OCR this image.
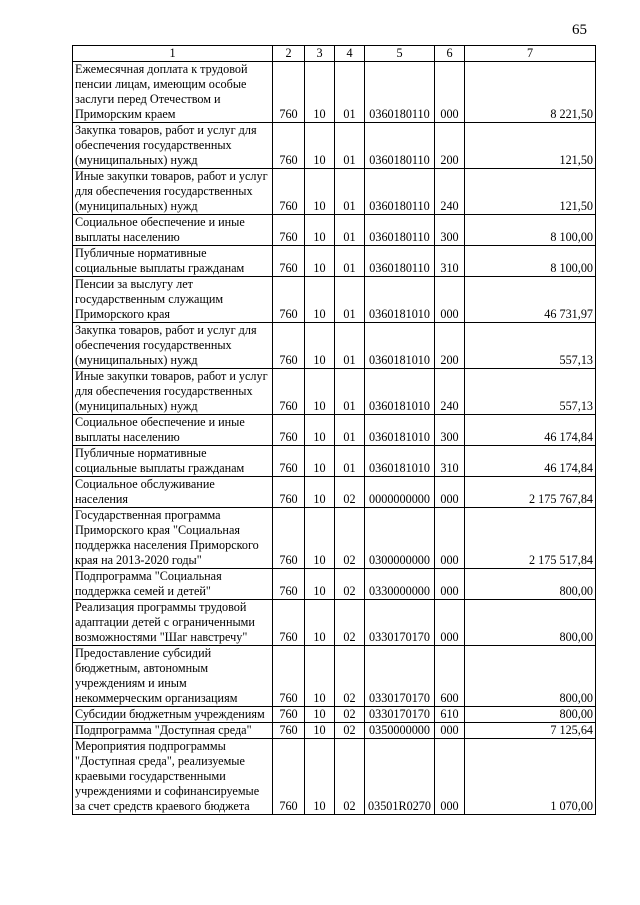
65
1	2	3	4	5	6	7
Ежемесячная доплата к трудовой пенсии лицам, имеющим особые заслуги перед Отечеством и Приморским краем	760	10	01	0360180110	000	8 221,50
Закупка товаров, работ и услуг для обеспечения государственных (муниципальных) нужд	760	10	01	0360180110	200	121,50
Иные закупки товаров, работ и услуг для обеспечения государственных (муниципальных) нужд	760	10	01	0360180110	240	121,50
Социальное обеспечение и иные выплаты населению	760	10	01	0360180110	300	8 100,00
Публичные нормативные социальные выплаты гражданам	760	10	01	0360180110	310	8 100,00
Пенсии за выслугу лет государственным служащим Приморского края	760	10	01	0360181010	000	46 731,97
Закупка товаров, работ и услуг для обеспечения государственных (муниципальных) нужд	760	10	01	0360181010	200	557,13
Иные закупки товаров, работ и услуг для обеспечения государственных (муниципальных) нужд	760	10	01	0360181010	240	557,13
Социальное обеспечение и иные выплаты населению	760	10	01	0360181010	300	46 174,84
Публичные нормативные социальные выплаты гражданам	760	10	01	0360181010	310	46 174,84
Социальное обслуживание населения	760	10	02	0000000000	000	2 175 767,84
Государственная программа Приморского края "Социальная поддержка населения Приморского края на 2013-2020 годы"	760	10	02	0300000000	000	2 175 517,84
Подпрограмма "Социальная поддержка семей и детей"	760	10	02	0330000000	000	800,00
Реализация программы трудовой адаптации детей с ограниченными возможностями "Шаг навстречу"	760	10	02	0330170170	000	800,00
Предоставление субсидий бюджетным, автономным учреждениям и иным некоммерческим организациям	760	10	02	0330170170	600	800,00
Субсидии бюджетным учреждениям	760	10	02	0330170170	610	800,00
Подпрограмма "Доступная среда"	760	10	02	0350000000	000	7 125,64
Мероприятия подпрограммы "Доступная среда", реализуемые краевыми государственными учреждениями и софинансируемые за счет средств краевого бюджета	760	10	02	03501R0270	000	1 070,00
